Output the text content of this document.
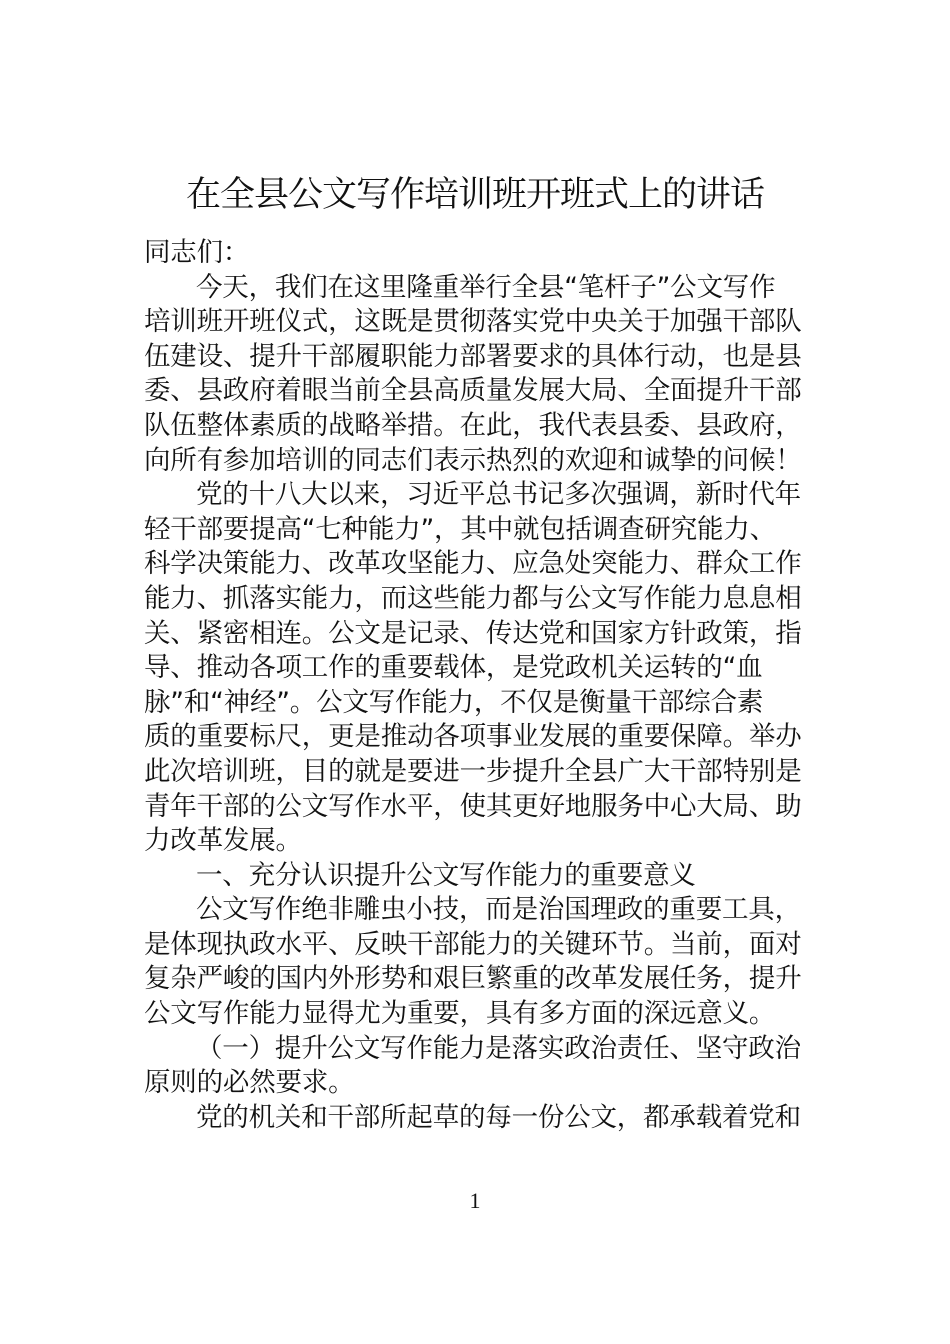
在全县公文写作培训班开班式上的讲话
同志们：
今天，我们在这里隆重举行全县“笔杆子”公文写作
培训班开班仪式，这既是贯彻落实党中央关于加强干部队
伍建设、提升干部履职能力部署要求的具体行动，也是县
委、县政府着眼当前全县高质量发展大局、全面提升干部
队伍整体素质的战略举措。在此，我代表县委、县政府，
向所有参加培训的同志们表示热烈的欢迎和诚挚的问候！
党的十八大以来，习近平总书记多次强调，新时代年
轻干部要提高“七种能力”，其中就包括调查研究能力、
科学决策能力、改革攻坚能力、应急处突能力、群众工作
能力、抓落实能力，而这些能力都与公文写作能力息息相
关、紧密相连。公文是记录、传达党和国家方针政策，指
导、推动各项工作的重要载体，是党政机关运转的“血
脉”和“神经”。公文写作能力，不仅是衡量干部综合素
质的重要标尺，更是推动各项事业发展的重要保障。举办
此次培训班，目的就是要进一步提升全县广大干部特别是
青年干部的公文写作水平，使其更好地服务中心大局、助
力改革发展。
一、充分认识提升公文写作能力的重要意义
公文写作绝非雕虫小技，而是治国理政的重要工具，
是体现执政水平、反映干部能力的关键环节。当前，面对
复杂严峻的国内外形势和艰巨繁重的改革发展任务，提升
公文写作能力显得尤为重要，具有多方面的深远意义。
（一）提升公文写作能力是落实政治责任、坚守政治
原则的必然要求。
党的机关和干部所起草的每一份公文，都承载着党和
1
